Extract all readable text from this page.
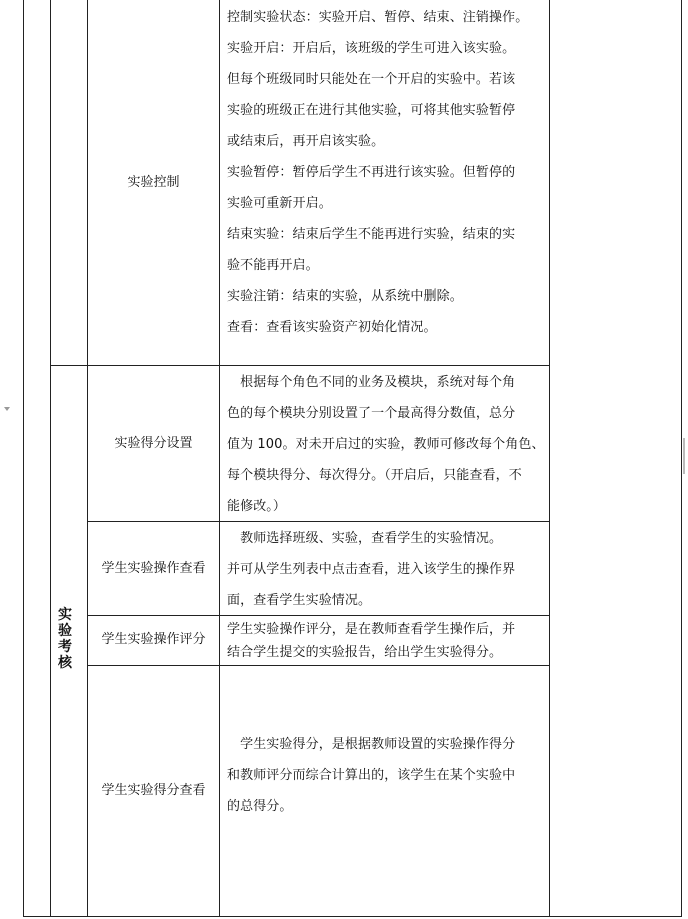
实
验
考
核
实验控制
实验得分设置
学生实验操作查看
学生实验操作评分
学生实验得分查看

控制实验状态：实验开启、暂停、结束、注销操作。

实验开启：开启后，该班级的学生可进入该实验。

但每个班级同时只能处在一个开启的实验中。若该

实验的班级正在进行其他实验，可将其他实验暂停

或结束后，再开启该实验。

实验暂停：暂停后学生不再进行该实验。但暂停的

实验可重新开启。

结束实验：结束后学生不能再进行实验，结束的实

验不能再开启。

实验注销：结束的实验，从系统中删除。

查看：查看该实验资产初始化情况。

　根据每个角色不同的业务及模块，系统对每个角

色的每个模块分别设置了一个最高得分数值，总分

值为 100。对未开启过的实验，教师可修改每个角色、

每个模块得分、每次得分。（开启后，只能查看，不

能修改。）

　教师选择班级、实验，查看学生的实验情况。

并可从学生列表中点击查看，进入该学生的操作界

面，查看学生实验情况。

学生实验操作评分，是在教师查看学生操作后，并

结合学生提交的实验报告，给出学生实验得分。

　学生实验得分，是根据教师设置的实验操作得分

和教师评分而综合计算出的，该学生在某个实验中

的总得分。
